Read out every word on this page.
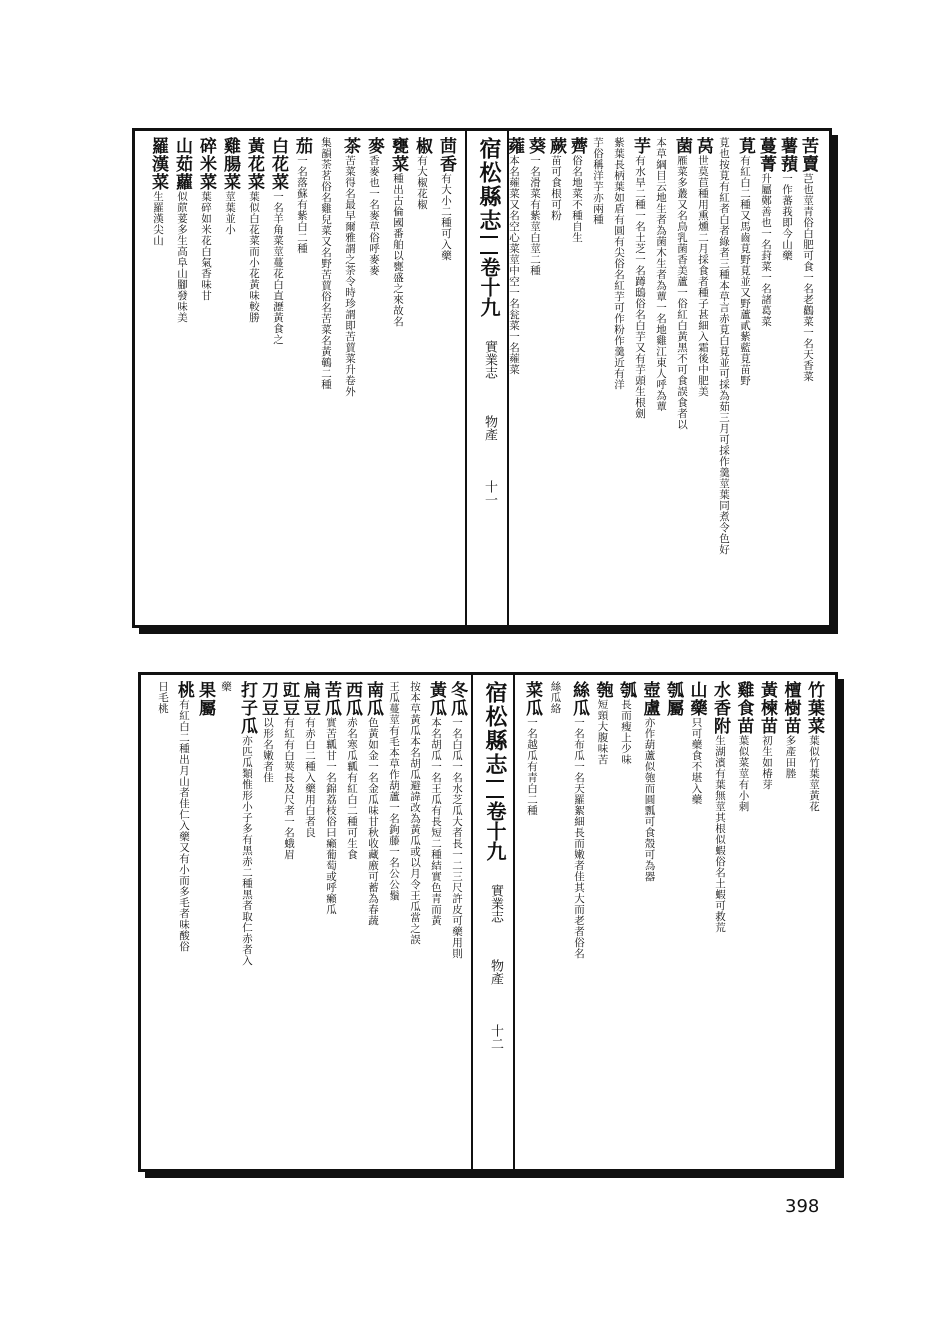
苦賣芑也莖青俗白肥可食一名老鸛菜一名天香菜
薯蕷一作蕃莪即今山藥
蔓菁升屬鄭善也一名葑菜一名諸葛菜
莧有紅白二種又馬齒莧野莧並又野蘆貳紫藍莧苗野
莧也按莧有紅者白者綠者三種本草言赤莧白莧並可採為茹三月可採作羹莖葉同煮令色好
莴世莫苣種用熏燻二月採食者種子甚細入霜後中肥美
菌雁菜多叢又名鳥乳菌香美蘆一俗紅白黃黑不可食誤食者以
本草綱目云地生者為菌木生者為蕈一名地雞江東人呼為蕈
芋有水旱二種一名土芝一名蹲鴟俗名白芋又有芋頭生根劍
紫葉長柄葉如盾有圓有尖俗名紅芋可作粉作羹近有洋
芋俗稱洋芋亦兩種
薺俗名地菜不種自生
蕨苗可食根可粉
葵一名滑菜有紫莖白莖二種
蕹本名蕹菜又名空心菜莖中空一名瓮菜一名蕹菜
宿松縣志卷十九　實業志　　物產　　　十一
茴香有大小二種可入藥
椒有大椒花椒
甕菜種出古倫國番舶以甕盛之來故名
麥香麥也一名麥草俗呼麥麥
茶苦菜得名最早爾雅謂之荼令時珍謂即苦蕒菜升卷外
集韻荼茗俗名雞兒菜又名野苦蕒俗名苦菜名黃鵪二種
茄一名落蘇有紫白二種
白花菜一名羊角菜莖蔓花白直瀝黃食之
黃花菜葉似白花菜而小花黃味較勝
雞腸菜莖葉並小
碎米菜葉碎如米花白氣香味甘
山茹蘿似蒝荽多生高阜山腳發味美
羅漢菜生羅漢尖山
竹葉菜葉似竹葉莖黃花
檀樹苗多產田塍
黃楝苗初生如椿芽
雞食苗葉似菜莖有小刺
水香附生湖濱有葉無莖其根似蝦俗名土蝦可救荒
山藥只可藥食不堪入藥
瓠屬
壺盧亦作葫蘆似匏而圓瓢可食殼可為器
瓠長而瘦上少味
匏短頸大腹味苦
絲瓜一名布瓜一名天羅絮細長而嫩者佳其大而老者俗名
絲瓜絡
菜瓜一名越瓜有青白二種
宿松縣志卷十九　實業志　　物產　　　十二
冬瓜一名白瓜一名水芝瓜大者長一二三尺許皮可藥用則
黃瓜本名胡瓜一名王瓜有長短二種結實色青而黃
按本草黃瓜本名胡瓜避諱改為黃瓜或以月令王瓜當之誤
王瓜蔓莖有毛本草作葫蘆一名鉤藤一名公公鬚
南瓜色黃如金一名金瓜味甘秋收藏廒可蓄為春蔬
西瓜赤名寒瓜瓤有紅白二種可生食
苦瓜實苦瓤甘一名錦荔枝俗曰癩葡萄或呼癩瓜
扁豆有赤白二種入藥用白者良
豇豆有紅有白莢長及尺者一名蛾眉
刀豆以形名嫩者佳
打子瓜亦匹瓜類惟形小子多有黑赤二種黑者取仁赤者入
藥
果屬
桃有紅白二種出月山者佳仁入藥又有小而多毛者味酸俗
日毛桃
398
